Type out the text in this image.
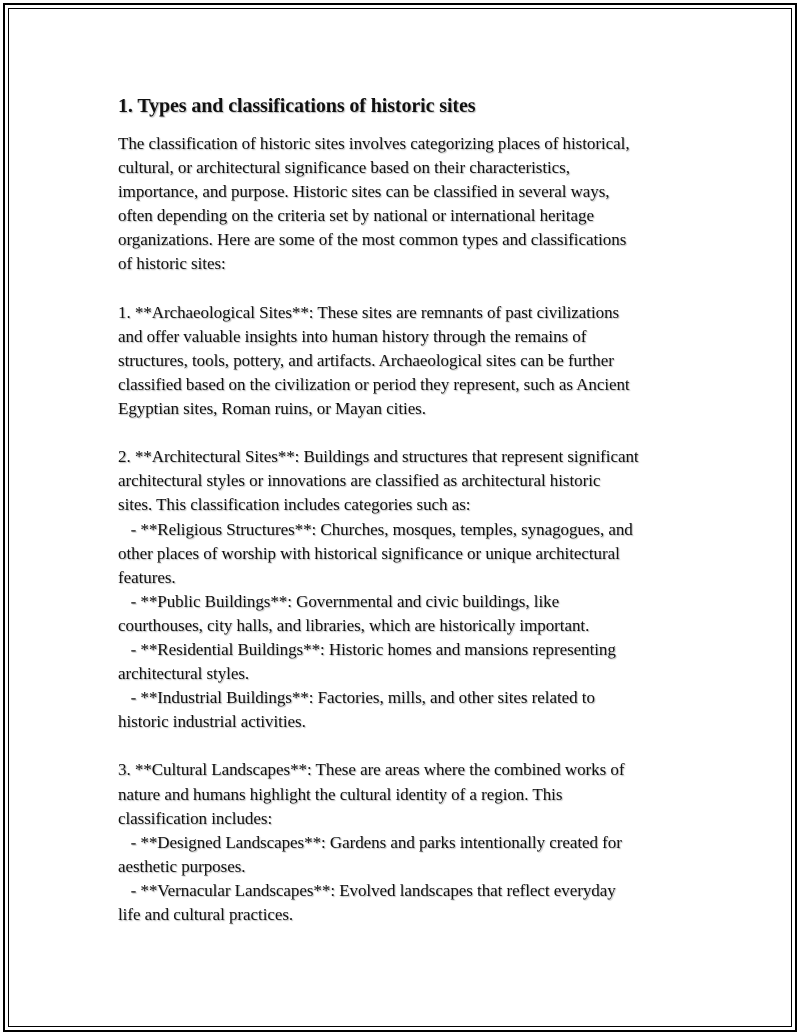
1. Types and classifications of historic sites
The classification of historic sites involves categorizing places of historical,
cultural, or architectural significance based on their characteristics,
importance, and purpose. Historic sites can be classified in several ways,
often depending on the criteria set by national or international heritage
organizations. Here are some of the most common types and classifications
of historic sites:
1. **Archaeological Sites**: These sites are remnants of past civilizations
and offer valuable insights into human history through the remains of
structures, tools, pottery, and artifacts. Archaeological sites can be further
classified based on the civilization or period they represent, such as Ancient
Egyptian sites, Roman ruins, or Mayan cities.
2. **Architectural Sites**: Buildings and structures that represent significant
architectural styles or innovations are classified as architectural historic
sites. This classification includes categories such as:
- **Religious Structures**: Churches, mosques, temples, synagogues, and
other places of worship with historical significance or unique architectural
features.
- **Public Buildings**: Governmental and civic buildings, like
courthouses, city halls, and libraries, which are historically important.
- **Residential Buildings**: Historic homes and mansions representing
architectural styles.
- **Industrial Buildings**: Factories, mills, and other sites related to
historic industrial activities.
3. **Cultural Landscapes**: These are areas where the combined works of
nature and humans highlight the cultural identity of a region. This
classification includes:
- **Designed Landscapes**: Gardens and parks intentionally created for
aesthetic purposes.
- **Vernacular Landscapes**: Evolved landscapes that reflect everyday
life and cultural practices.
